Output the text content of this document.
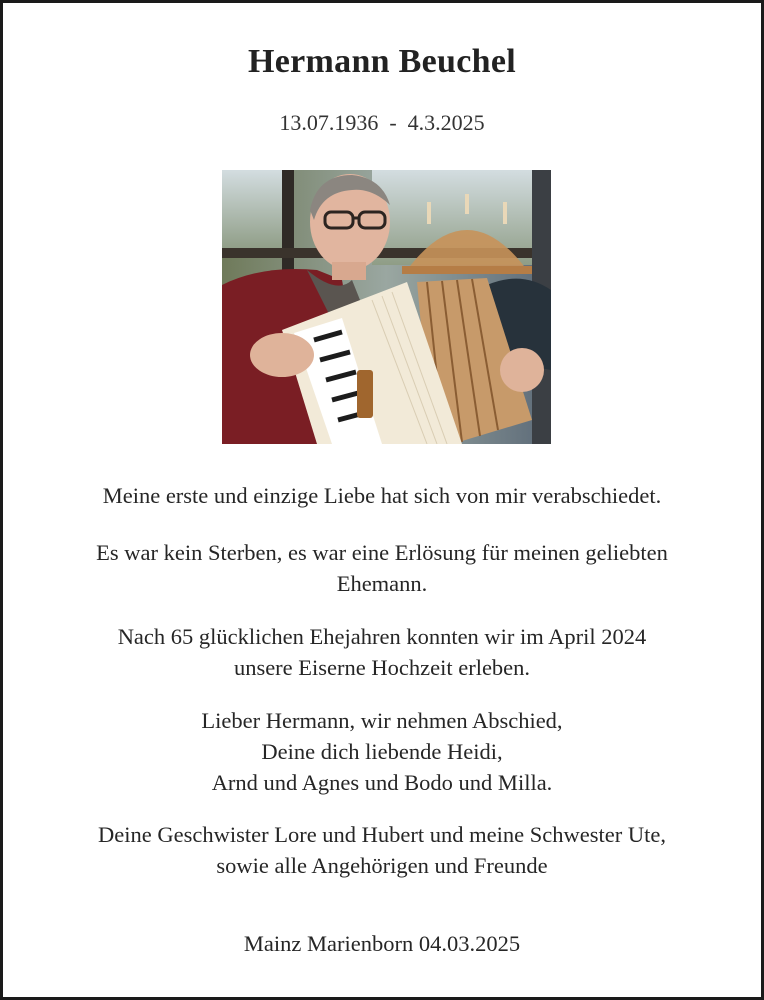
Hermann Beuchel
13.07.1936  -  4.3.2025
Meine erste und einzige Liebe hat sich von mir verabschiedet.
Es war kein Sterben, es war eine Erlösung für meinen geliebten
Ehemann.
Nach 65 glücklichen Ehejahren konnten wir im April 2024
unsere Eiserne Hochzeit erleben.
Lieber Hermann, wir nehmen Abschied,
Deine dich liebende Heidi,
Arnd und Agnes und Bodo und Milla.
Deine Geschwister Lore und Hubert und meine Schwester Ute,
sowie alle Angehörigen und Freunde
Mainz Marienborn 04.03.2025
